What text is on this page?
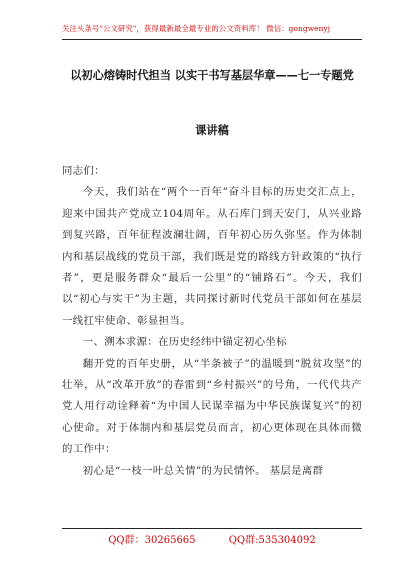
关注头条号"公文研究"，获得最新最全最专业的公文资料库！ 微信：gongwenyj
以初心熔铸时代担当 以实干书写基层华章——七一专题党
课讲稿

同志们：

今天，我们站在“两个一百年”奋斗目标的历史交汇点上，迎来中国共产党成立104周年。从石库门到天安门，从兴业路到复兴路，百年征程波澜壮阔，百年初心历久弥坚。作为体制内和基层战线的党员干部，我们既是党的路线方针政策的“执行者”，更是服务群众“最后一公里”的“铺路石”。今天，我们以“初心与实干”为主题，共同探讨新时代党员干部如何在基层一线扛牢使命、彰显担当。

一、溯本求源：在历史经纬中锚定初心坐标

翻开党的百年史册，从“半条被子”的温暖到“脱贫攻坚”的壮举，从“改革开放”的春雷到“乡村振兴”的号角，一代代共产党人用行动诠释着“为中国人民谋幸福为中华民族谋复兴”的初心使命。对于体制内和基层党员而言，初心更体现在具体而微的工作中：

初心是“一枝一叶总关情”的为民情怀。 基层是离群

QQ群：30265665	QQ群:535304092
